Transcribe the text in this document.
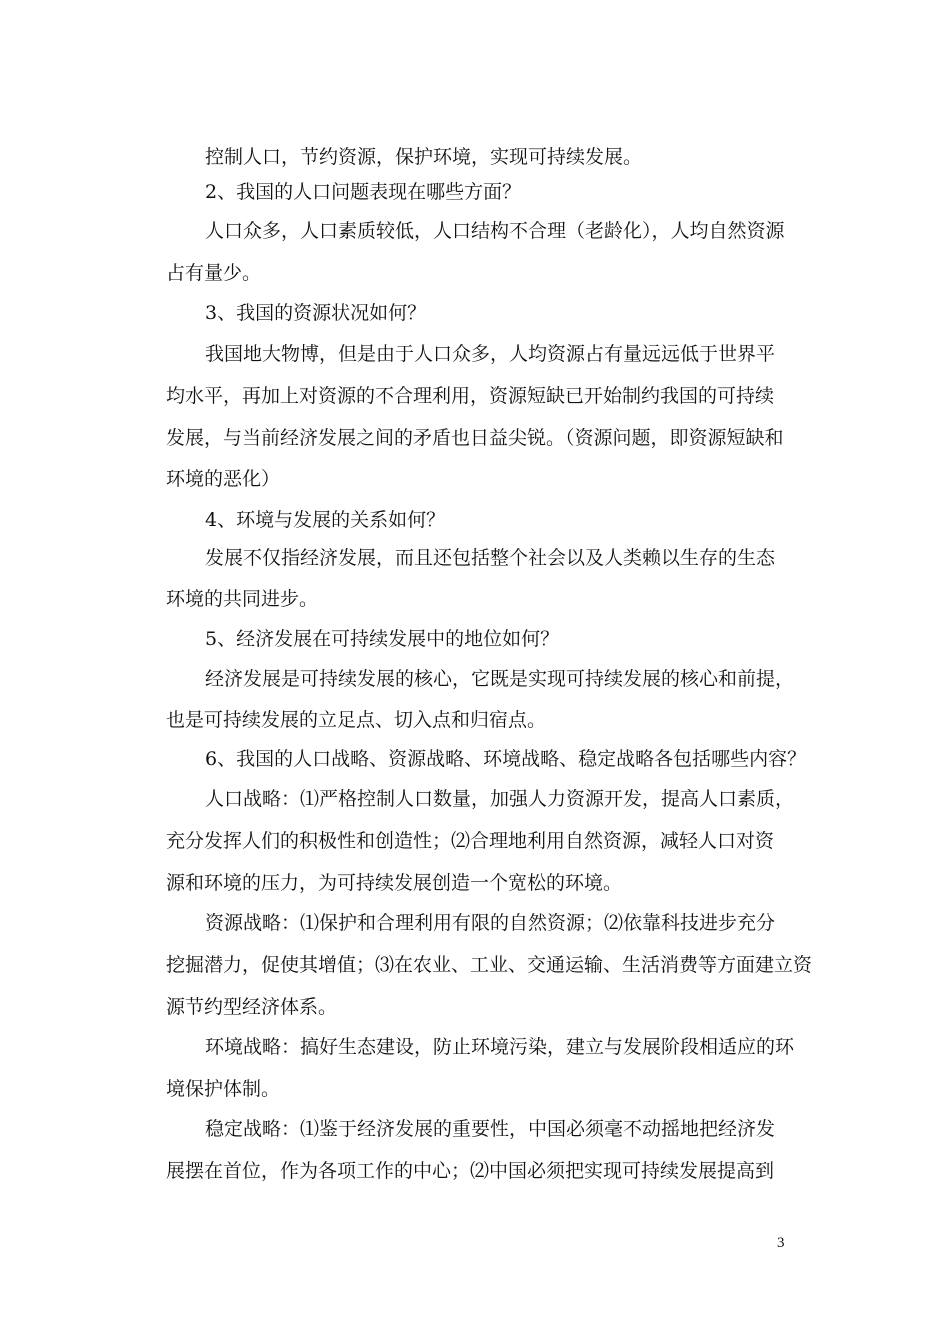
控制人口，节约资源，保护环境，实现可持续发展。

2、我国的人口问题表现在哪些方面？

人口众多，人口素质较低，人口结构不合理（老龄化），人均自然资源

占有量少。

3、我国的资源状况如何？

我国地大物博，但是由于人口众多，人均资源占有量远远低于世界平

均水平，再加上对资源的不合理利用，资源短缺已开始制约我国的可持续

发展，与当前经济发展之间的矛盾也日益尖锐。（资源问题，即资源短缺和

环境的恶化）

4、环境与发展的关系如何？

发展不仅指经济发展，而且还包括整个社会以及人类赖以生存的生态

环境的共同进步。

5、经济发展在可持续发展中的地位如何？

经济发展是可持续发展的核心，它既是实现可持续发展的核心和前提，

也是可持续发展的立足点、切入点和归宿点。

6、我国的人口战略、资源战略、环境战略、稳定战略各包括哪些内容？

人口战略：⑴严格控制人口数量，加强人力资源开发，提高人口素质，

充分发挥人们的积极性和创造性；⑵合理地利用自然资源，减轻人口对资

源和环境的压力，为可持续发展创造一个宽松的环境。

资源战略：⑴保护和合理利用有限的自然资源；⑵依靠科技进步充分

挖掘潜力，促使其增值；⑶在农业、工业、交通运输、生活消费等方面建立资

源节约型经济体系。

环境战略：搞好生态建设，防止环境污染，建立与发展阶段相适应的环

境保护体制。

稳定战略：⑴鉴于经济发展的重要性，中国必须毫不动摇地把经济发

展摆在首位，作为各项工作的中心；⑵中国必须把实现可持续发展提高到

3
